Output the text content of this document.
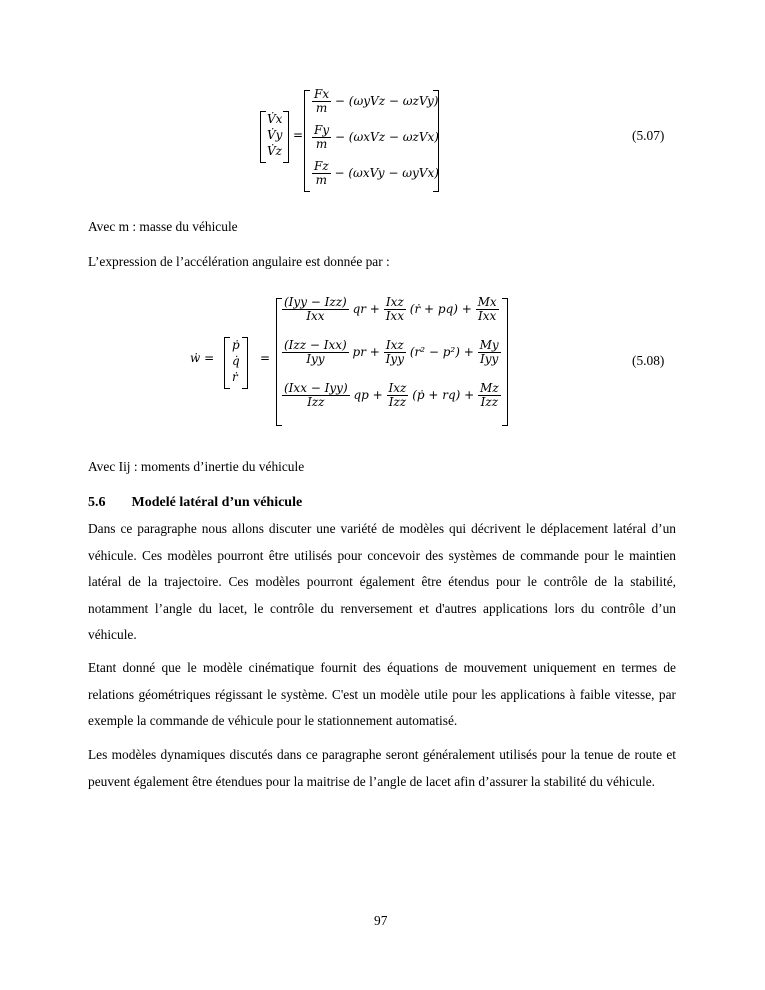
V̇x
V̇y
V̇z
=
$\frac{Fx}{m} - (\omega yVz - \omega zVy)$
$\frac{Fy}{m} - (\omega xVz - \omega zVx)$
$\frac{Fz}{m} - (\omega xVy - \omega yVx)$
(5.07)
Avec m : masse du véhicule
L’expression de l’accélération angulaire est donnée par :
ẇ =
ṗ
q̇
ṙ
=
$\frac{\text{(Iyy − Izz)}}{\text{Ixx}}$ qr + $\frac{\text{Ixz}}{\text{Ixx}}$ (ṙ + $pq) + \frac{Mx}{\text{Ixx}}$
$\frac{\text{(Izz − Ixx)}}{\text{Iyy}}$ pr + $\frac{\text{Ixz}}{\text{Iyy}} (r^2 - p^2) + \frac{My}{\text{Iyy}}$
$\frac{\text{(Ixx − Iyy)}}{\text{Izz}}$ qp + $\frac{\text{Ixz}}{\text{Izz}}$ (ṗ + $rq) + \frac{Mz}{\text{Izz}}$
(5.08)
Avec Iij : moments d’inertie du véhicule
5.6 Modelé latéral d’un véhicule
Dans ce paragraphe nous allons discuter une variété de modèles qui décrivent le déplacement latéral d’un véhicule. Ces modèles pourront être utilisés pour concevoir des systèmes de commande pour le maintien latéral de la trajectoire. Ces modèles pourront également être étendus pour le contrôle de la stabilité, notamment l’angle du lacet, le contrôle du renversement et d'autres applications lors du contrôle d’un véhicule.
Etant donné que le modèle cinématique fournit des équations de mouvement uniquement en termes de relations géométriques régissant le système. C'est un modèle utile pour les applications à faible vitesse, par exemple la commande de véhicule pour le stationnement automatisé.
Les modèles dynamiques discutés dans ce paragraphe seront généralement utilisés pour la tenue de route et peuvent également être étendues pour la maitrise de l’angle de lacet afin d’assurer la stabilité du véhicule.
97
